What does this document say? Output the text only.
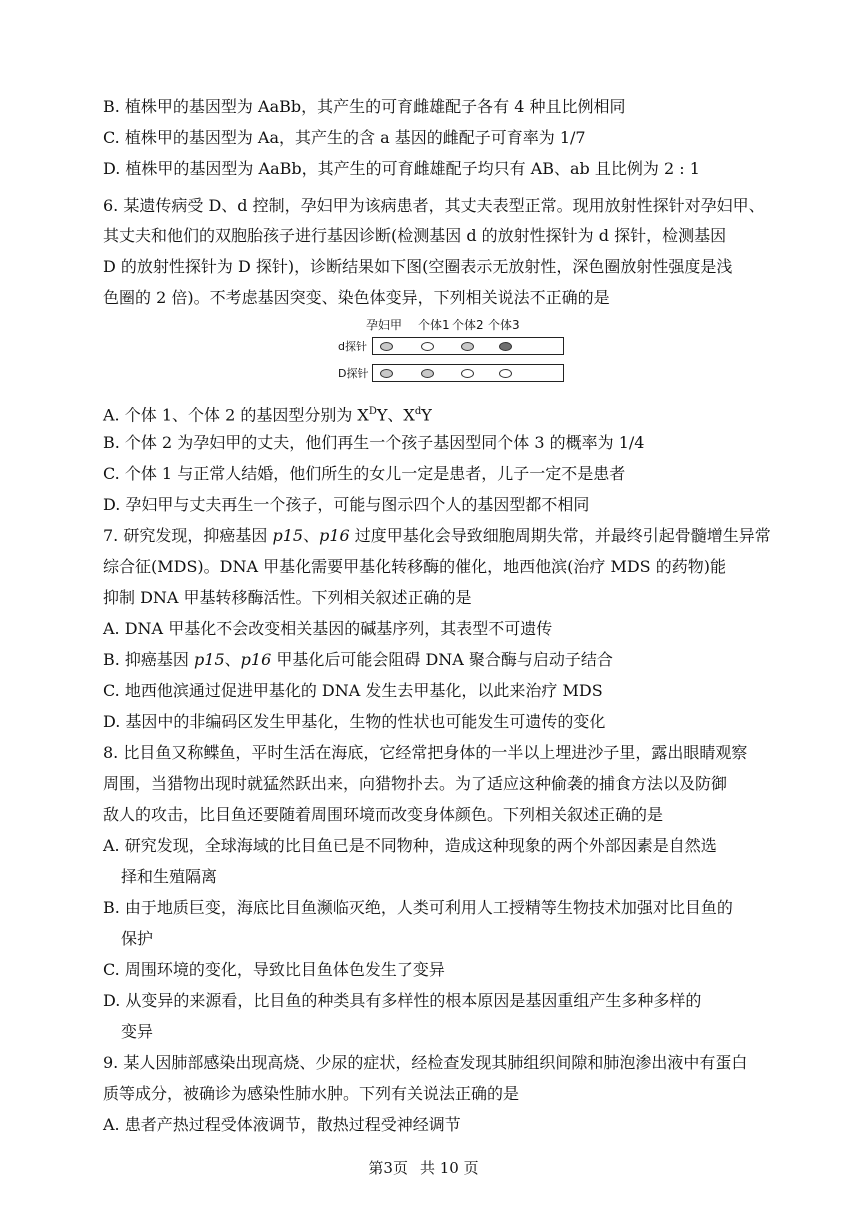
B. 植株甲的基因型为 AaBb，其产生的可育雌雄配子各有 4 种且比例相同
C. 植株甲的基因型为 Aa，其产生的含 a 基因的雌配子可育率为 1/7
D. 植株甲的基因型为 AaBb，其产生的可育雌雄配子均只有 AB、ab 且比例为 2 : 1
6. 某遗传病受 D、d 控制，孕妇甲为该病患者，其丈夫表型正常。现用放射性探针对孕妇甲、
其丈夫和他们的双胞胎孩子进行基因诊断(检测基因 d 的放射性探针为 d 探针，检测基因
D 的放射性探针为 D 探针)，诊断结果如下图(空圈表示无放射性，深色圈放射性强度是浅
色圈的 2 倍)。不考虑基因突变、染色体变异，下列相关说法不正确的是
孕妇甲 个体1 个体2 个体3
d探针
D探针
A. 个体 1、个体 2 的基因型分别为 $X^DY$、$X^dY$
B. 个体 2 为孕妇甲的丈夫，他们再生一个孩子基因型同个体 3 的概率为 1/4
C. 个体 1 与正常人结婚，他们所生的女儿一定是患者，儿子一定不是患者
D. 孕妇甲与丈夫再生一个孩子，可能与图示四个人的基因型都不相同
7. 研究发现，抑癌基因 p15、p16 过度甲基化会导致细胞周期失常，并最终引起骨髓增生异常
综合征(MDS)。DNA 甲基化需要甲基化转移酶的催化，地西他滨(治疗 MDS 的药物)能
抑制 DNA 甲基转移酶活性。下列相关叙述正确的是
A. DNA 甲基化不会改变相关基因的碱基序列，其表型不可遗传
B. 抑癌基因 p15、p16 甲基化后可能会阻碍 DNA 聚合酶与启动子结合
C. 地西他滨通过促进甲基化的 DNA 发生去甲基化，以此来治疗 MDS
D. 基因中的非编码区发生甲基化，生物的性状也可能发生可遗传的变化
8. 比目鱼又称鲽鱼，平时生活在海底，它经常把身体的一半以上埋进沙子里，露出眼睛观察
周围，当猎物出现时就猛然跃出来，向猎物扑去。为了适应这种偷袭的捕食方法以及防御
敌人的攻击，比目鱼还要随着周围环境而改变身体颜色。下列相关叙述正确的是
A. 研究发现，全球海域的比目鱼已是不同物种，造成这种现象的两个外部因素是自然选
择和生殖隔离
B. 由于地质巨变，海底比目鱼濒临灭绝，人类可利用人工授精等生物技术加强对比目鱼的
保护
C. 周围环境的变化，导致比目鱼体色发生了变异
D. 从变异的来源看，比目鱼的种类具有多样性的根本原因是基因重组产生多种多样的
变异
9. 某人因肺部感染出现高烧、少尿的症状，经检查发现其肺组织间隙和肺泡渗出液中有蛋白
质等成分，被确诊为感染性肺水肿。下列有关说法正确的是
A. 患者产热过程受体液调节，散热过程受神经调节
第3页 共 10 页
